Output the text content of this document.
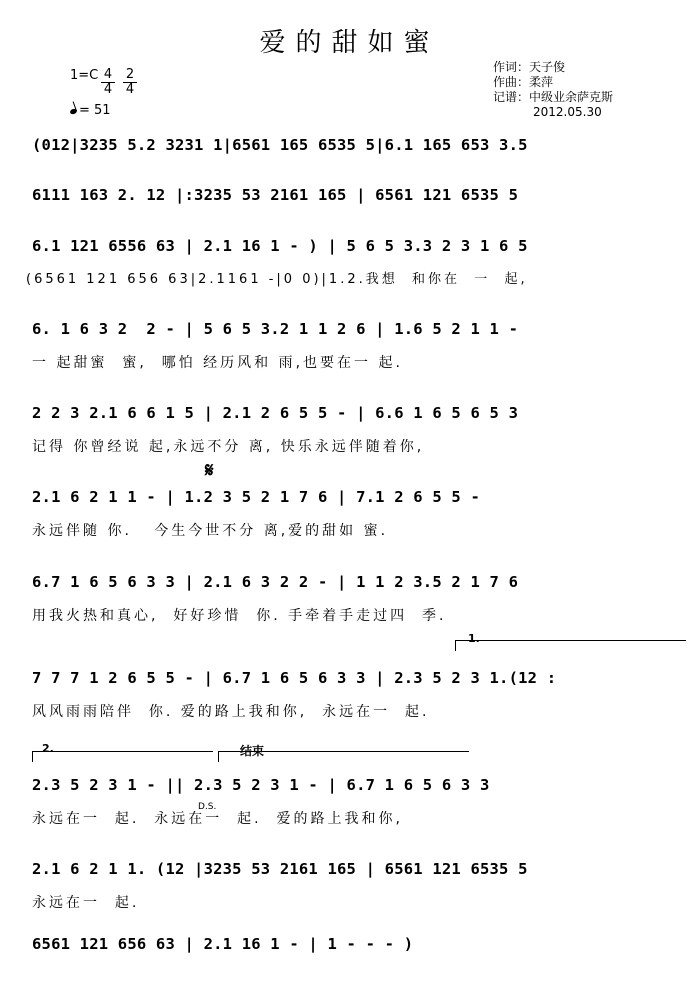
爱的甜如蜜
$1=C \frac{4}{4} \frac{2}{4}$
= 51
作词：天子俊
作曲：柔萍
记谱：中级业余萨克斯
2012.05.30
(012|3235 5.2 3231 1|6561 165 6535 5|6.1 165 653 3.5
6111 163 2. 12 |:3235 53 2161 165 | 6561 121 6535 5
6.1 121 6556 63 | 2.1 16 1 - ) | 5 6 5 3.3 2 3 1 6 5
(6561 121 656 63|2.1161 -|0 0)|1.2.我想  和你在  一  起,
6. 1 6 3 2  2 - | 5 6 5 3.2 1 1 2 6 | 1.6 5 2 1 1 -
一 起甜蜜  蜜,  哪怕 经历风和 雨,也要在一 起.
2 2 3 2.1 6 6 1 5 | 2.1 2 6 5 5 - | 6.6 1 6 5 6 5 3
记得 你曾经说 起,永远不分 离, 快乐永远伴随着你,
𝄋
2.1 6 2 1 1 - | 1.2 3 5 2 1 7 6 | 7.1 2 6 5 5 -
永远伴随 你.   今生今世不分 离,爱的甜如 蜜.
6.7 1 6 5 6 3 3 | 2.1 6 3 2 2 - | 1 1 2 3.5 2 1 7 6
用我火热和真心,  好好珍惜  你. 手牵着手走过四  季.
1.
7 7 7 1 2 6 5 5 - | 6.7 1 6 5 6 3 3 | 2.3 5 2 3 1.(12 :
风风雨雨陪伴  你. 爱的路上我和你,  永远在一  起.
2.	结束
2.3 5 2 3 1 - || 2.3 5 2 3 1 - | 6.7 1 6 5 6 3 3
D.S.
永远在一  起.  永远在一  起.  爱的路上我和你,
2.1 6 2 1 1. (12 |3235 53 2161 165 | 6561 121 6535 5
永远在一  起.
6561 121 656 63 | 2.1 16 1 - | 1 - - - )
